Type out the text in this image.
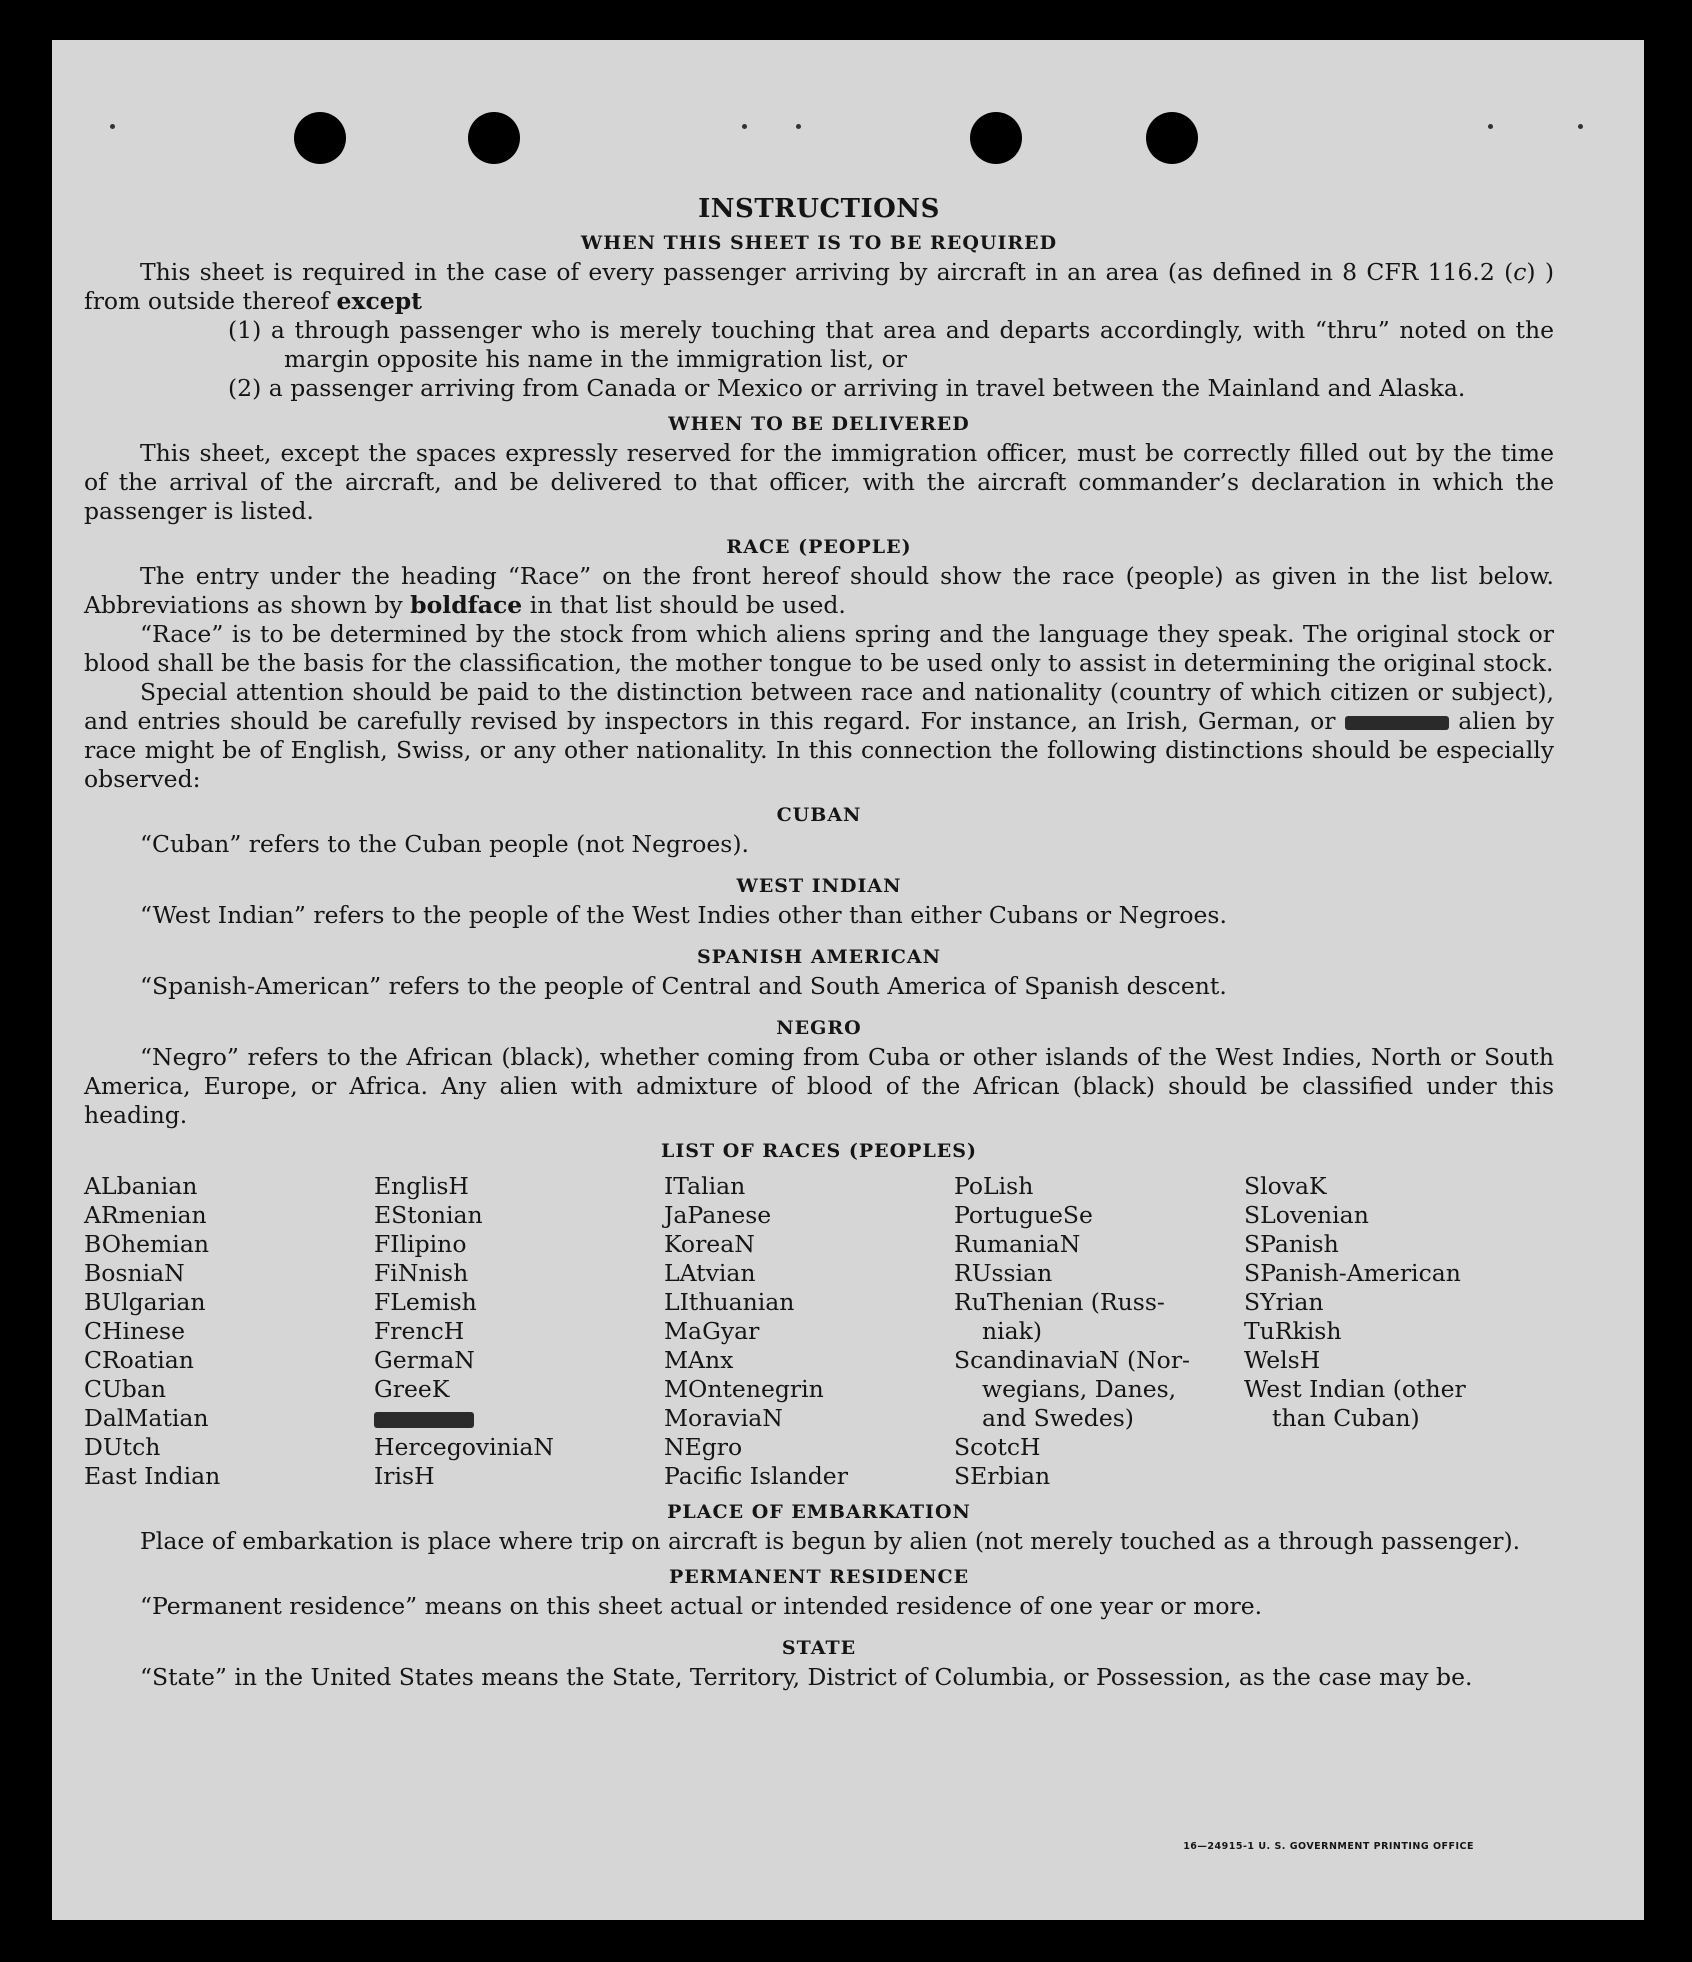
INSTRUCTIONS
WHEN THIS SHEET IS TO BE REQUIRED
This sheet is required in the case of every passenger arriving by aircraft in an area (as defined in 8 CFR 116.2 (c) ) from outside thereof except
(1) a through passenger who is merely touching that area and departs accordingly, with “thru” noted on the margin opposite his name in the immigration list, or
(2) a passenger arriving from Canada or Mexico or arriving in travel between the Mainland and Alaska.
WHEN TO BE DELIVERED
This sheet, except the spaces expressly reserved for the immigration officer, must be correctly filled out by the time of the arrival of the aircraft, and be delivered to that officer, with the aircraft commander’s declaration in which the passenger is listed.
RACE (PEOPLE)
The entry under the heading “Race” on the front hereof should show the race (people) as given in the list below. Abbreviations as shown by boldface in that list should be used.
“Race” is to be determined by the stock from which aliens spring and the language they speak. The original stock or blood shall be the basis for the classification, the mother tongue to be used only to assist in determining the original stock.
Special attention should be paid to the distinction between race and nationality (country of which citizen or subject), and entries should be carefully revised by inspectors in this regard. For instance, an Irish, German, or	alien by race might be of English, Swiss, or any other nationality. In this connection the following distinctions should be especially observed:
CUBAN
“Cuban” refers to the Cuban people (not Negroes).
WEST INDIAN
“West Indian” refers to the people of the West Indies other than either Cubans or Negroes.
SPANISH AMERICAN
“Spanish-American” refers to the people of Central and South America of Spanish descent.
NEGRO
“Negro” refers to the African (black), whether coming from Cuba or other islands of the West Indies, North or South America, Europe, or Africa. Any alien with admixture of blood of the African (black) should be classified under this heading.
LIST OF RACES (PEOPLES)
ALbanian
ARmenian
BOhemian
BosniaN
BUlgarian
CHinese
CRoatian
CUban
DalMatian
DUtch
East Indian
EnglisH
EStonian
FIlipino
FiNnish
FLemish
FrencH
GermaN
GreeK
HercegoviniaN
IrisH
ITalian
JaPanese
KoreaN
LAtvian
LIthuanian
MaGyar
MAnx
MOntenegrin
MoraviaN
NEgro
Pacific Islander
PoLish
PortugueSe
RumaniaN
RUssian
RuThenian (Russ-
niak)
ScandinaviaN (Nor-
wegians, Danes,
and Swedes)
ScotcH
SErbian
SlovaK
SLovenian
SPanish
SPanish-American
SYrian
TuRkish
WelsH
West Indian (other
than Cuban)
PLACE OF EMBARKATION
Place of embarkation is place where trip on aircraft is begun by alien (not merely touched as a through passenger).
PERMANENT RESIDENCE
“Permanent residence” means on this sheet actual or intended residence of one year or more.
STATE
“State” in the United States means the State, Territory, District of Columbia, or Possession, as the case may be.
16—24915-1 U. S. GOVERNMENT PRINTING OFFICE
